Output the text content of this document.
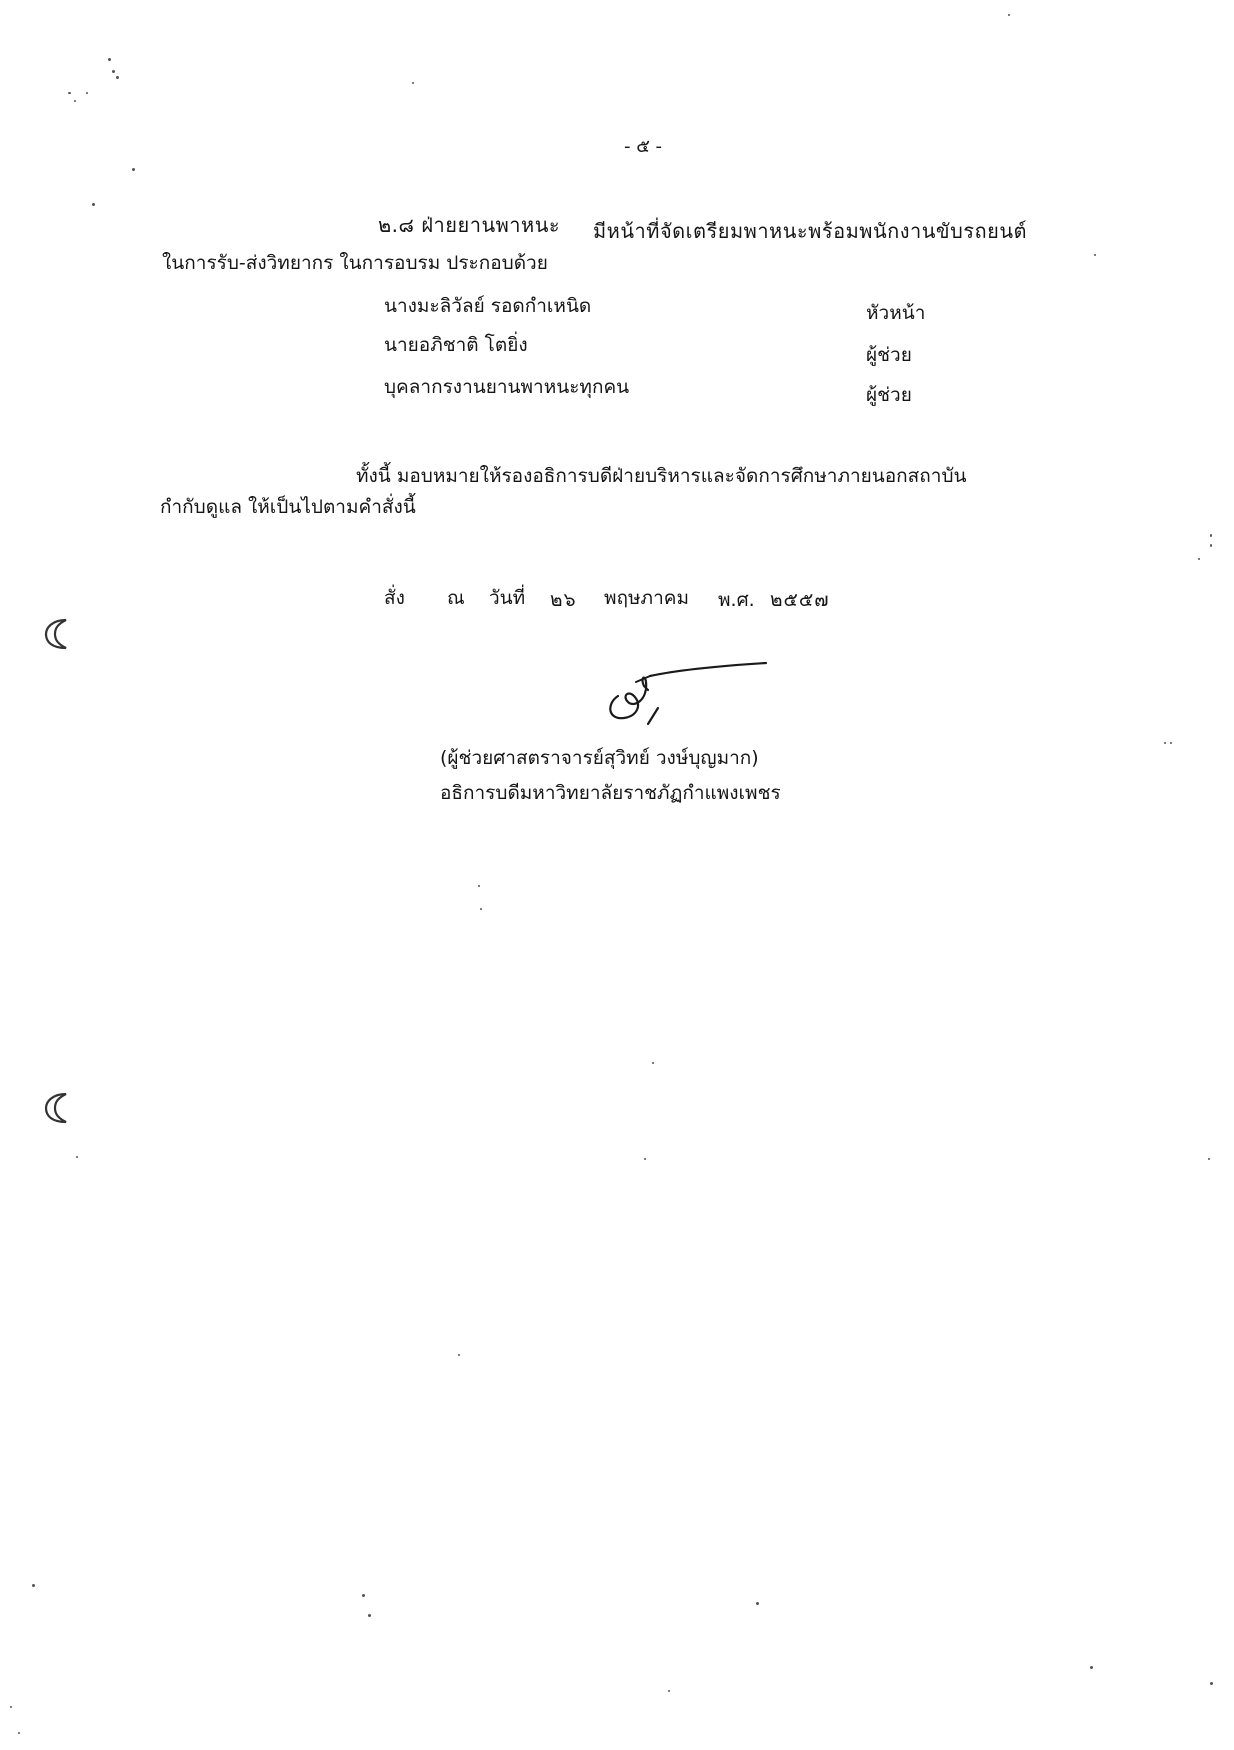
- ๕ -
๒.๘ ฝ่ายยานพาหนะ มีหน้าที่จัดเตรียมพาหนะพร้อมพนักงานขับรถยนต์
ในการรับ-ส่งวิทยากร ในการอบรม ประกอบด้วย
นางมะลิวัลย์ รอดกำเหนิด	หัวหน้า
นายอภิชาติ โตยิ่ง	ผู้ช่วย
บุคลากรงานยานพาหนะทุกคน	ผู้ช่วย
ทั้งนี้ มอบหมายให้รองอธิการบดีฝ่ายบริหารและจัดการศึกษาภายนอกสถาบัน
กำกับดูแล ให้เป็นไปตามคำสั่งนี้
สั่ง ณ วันที่ ๒๖ พฤษภาคม พ.ศ. ๒๕๕๗
(ผู้ช่วยศาสตราจารย์สุวิทย์ วงษ์บุญมาก)
อธิการบดีมหาวิทยาลัยราชภัฏกำแพงเพชร
